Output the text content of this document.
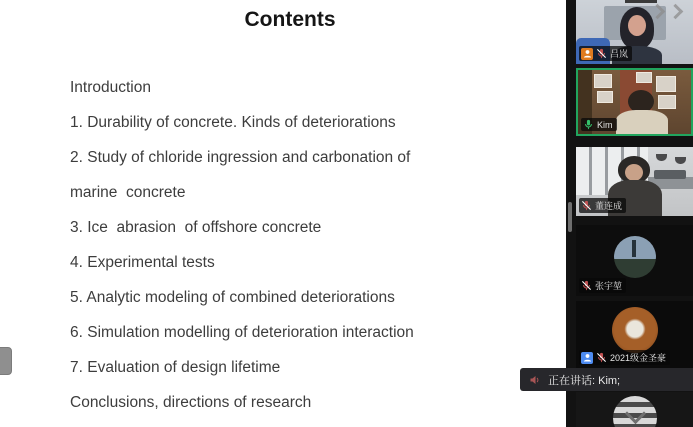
Contents
Introduction
1. Durability of concrete. Kinds of deteriorations
2. Study of chloride ingression and carbonation of
marine  concrete
3. Ice  abrasion  of offshore concrete
4. Experimental tests
5. Analytic modeling of combined deteriorations
6. Simulation modelling of deterioration interaction
7. Evaluation of design lifetime
Conclusions, directions of research
吕岚
Kim
董连成
张宇堃
2021级金圣豪
正在讲话: Kim;
